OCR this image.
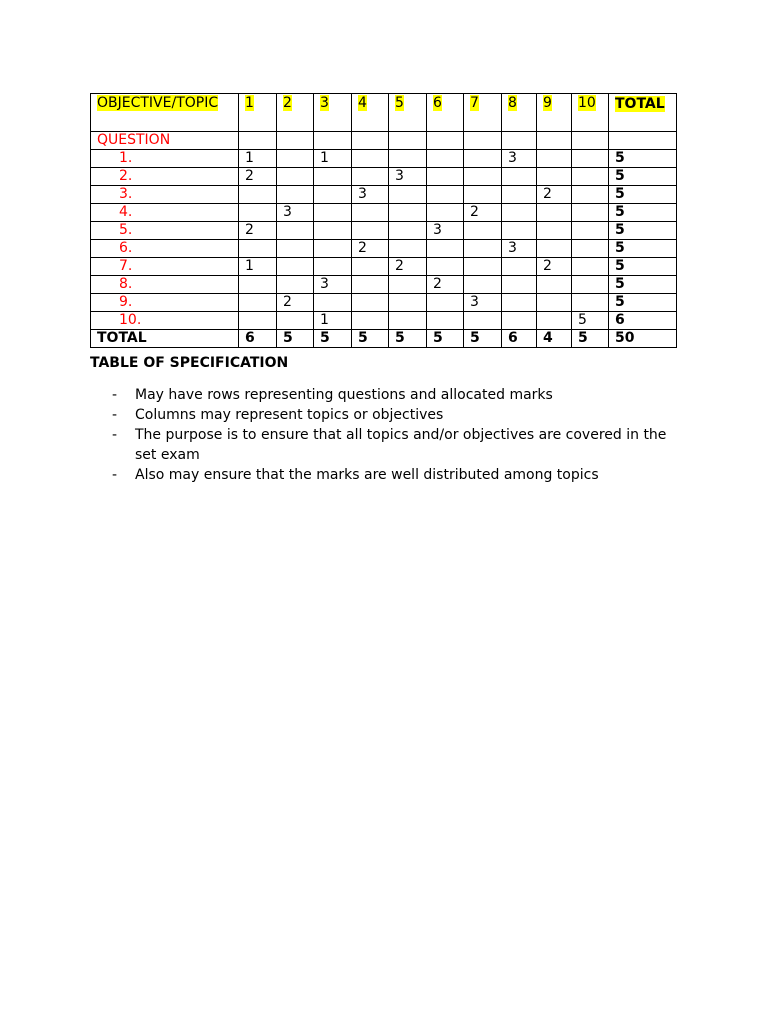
OBJECTIVE/TOPIC	1	2	3	4	5	6	7	8	9	10	TOTAL
QUESTION											
1.	1		1					3			5
2.	2				3						5
3.				3					2		5
4.		3					2				5
5.	2					3					5
6.				2				3			5
7.	1				2				2		5
8.			3			2					5
9.		2					3				5
10.			1							5	6
TOTAL	6	5	5	5	5	5	5	6	4	5	50
TABLE OF SPECIFICATION
- May have rows representing questions and allocated marks
- Columns may represent topics or objectives
- The purpose is to ensure that all topics and/or objectives are covered in the set exam
- Also may ensure that the marks are well distributed among topics
